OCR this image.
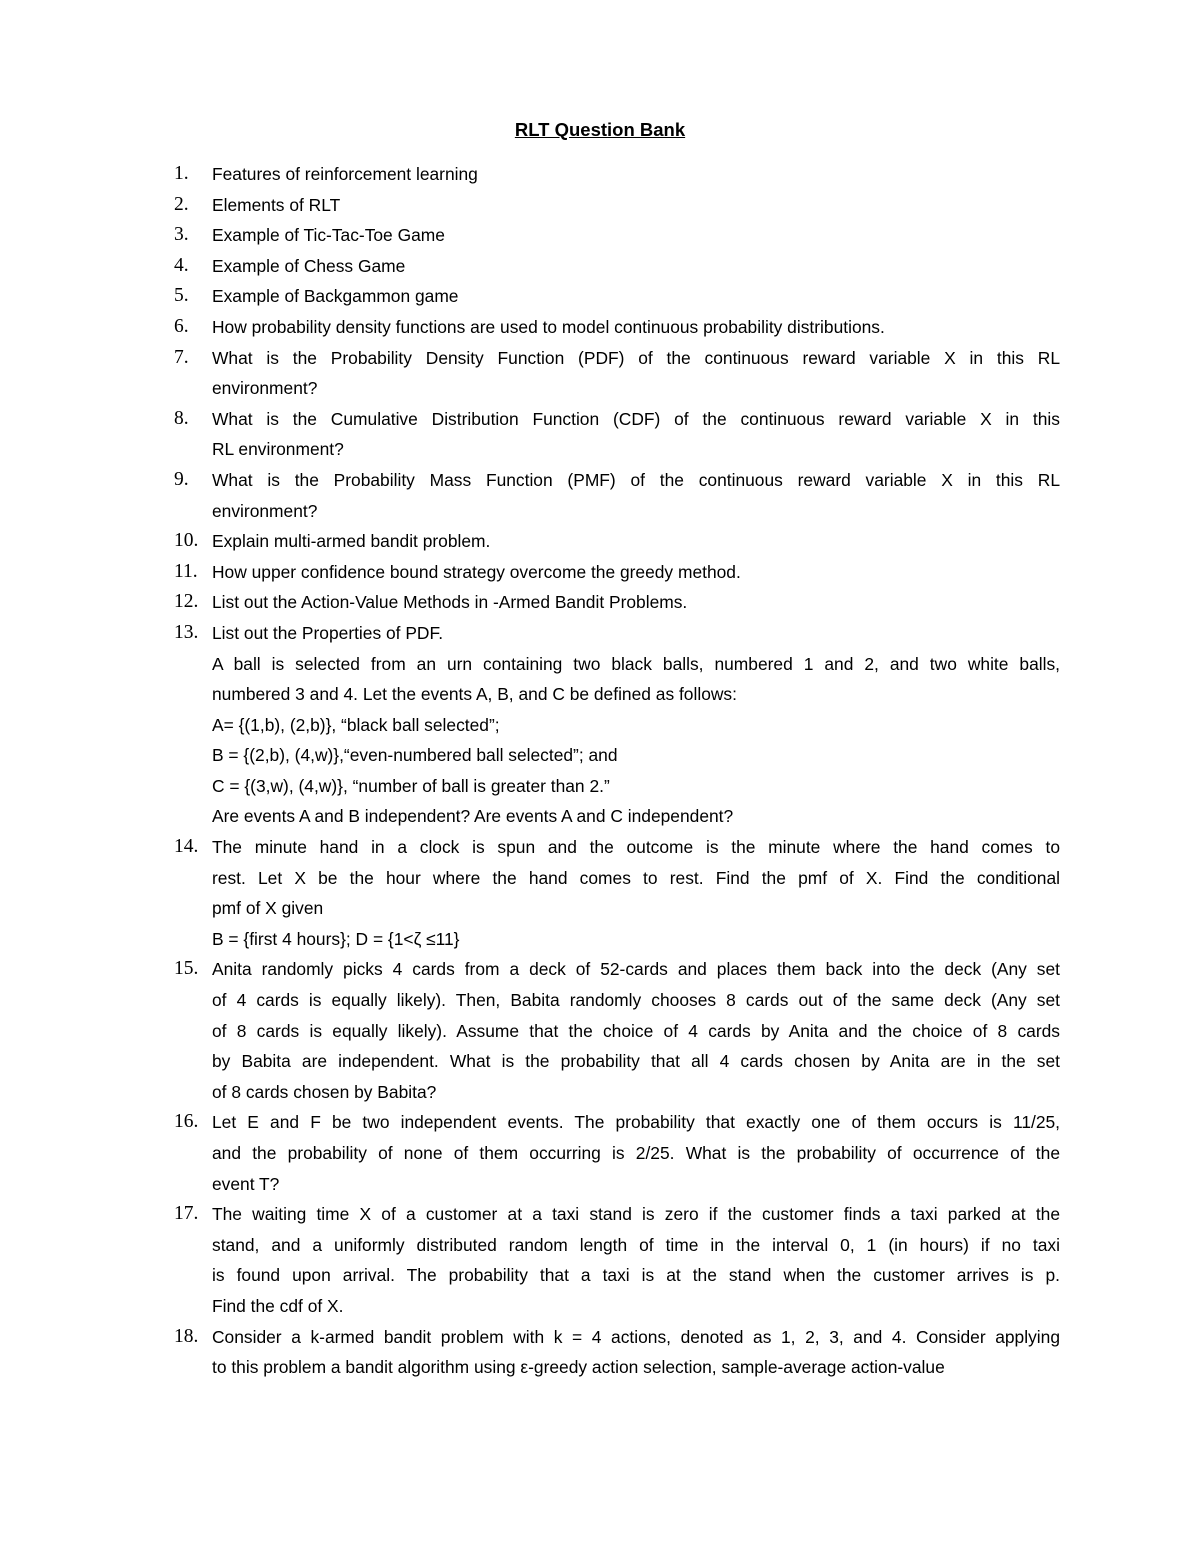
RLT Question Bank
1. Features of reinforcement learning
2. Elements of RLT
3. Example of Tic-Tac-Toe Game
4. Example of Chess Game
5. Example of Backgammon game
6. How probability density functions are used to model continuous probability distributions.
7. What is the Probability Density Function (PDF) of the continuous reward variable X in this RL
environment?
8. What is the Cumulative Distribution Function (CDF) of the continuous reward variable X in this
RL environment?
9. What is the Probability Mass Function (PMF) of the continuous reward variable X in this RL
environment?
10. Explain multi-armed bandit problem.
11. How upper confidence bound strategy overcome the greedy method.
12. List out the Action-Value Methods in -Armed Bandit Problems.
13. List out the Properties of PDF.
A ball is selected from an urn containing two black balls, numbered 1 and 2, and two white balls,
numbered 3 and 4. Let the events A, B, and C be defined as follows:
A= {(1,b), (2,b)}, “black ball selected”;
B = {(2,b), (4,w)},“even-numbered ball selected”; and
C = {(3,w), (4,w)}, “number of ball is greater than 2.”
Are events A and B independent? Are events A and C independent?
14. The minute hand in a clock is spun and the outcome is the minute where the hand comes to
rest. Let X be the hour where the hand comes to rest. Find the pmf of X. Find the conditional
pmf of X given
B = {first 4 hours}; D = {1<ζ ≤11}
15. Anita randomly picks 4 cards from a deck of 52-cards and places them back into the deck (Any set
of 4 cards is equally likely). Then, Babita randomly chooses 8 cards out of the same deck (Any set
of 8 cards is equally likely). Assume that the choice of 4 cards by Anita and the choice of 8 cards
by Babita are independent. What is the probability that all 4 cards chosen by Anita are in the set
of 8 cards chosen by Babita?
16. Let E and F be two independent events. The probability that exactly one of them occurs is 11/25,
and the probability of none of them occurring is 2/25. What is the probability of occurrence of the
event T?
17. The waiting time X of a customer at a taxi stand is zero if the customer finds a taxi parked at the
stand, and a uniformly distributed random length of time in the interval 0, 1 (in hours) if no taxi
is found upon arrival. The probability that a taxi is at the stand when the customer arrives is p.
Find the cdf of X.
18. Consider a k-armed bandit problem with k = 4 actions, denoted as 1, 2, 3, and 4. Consider applying
to this problem a bandit algorithm using ε-greedy action selection, sample-average action-value
